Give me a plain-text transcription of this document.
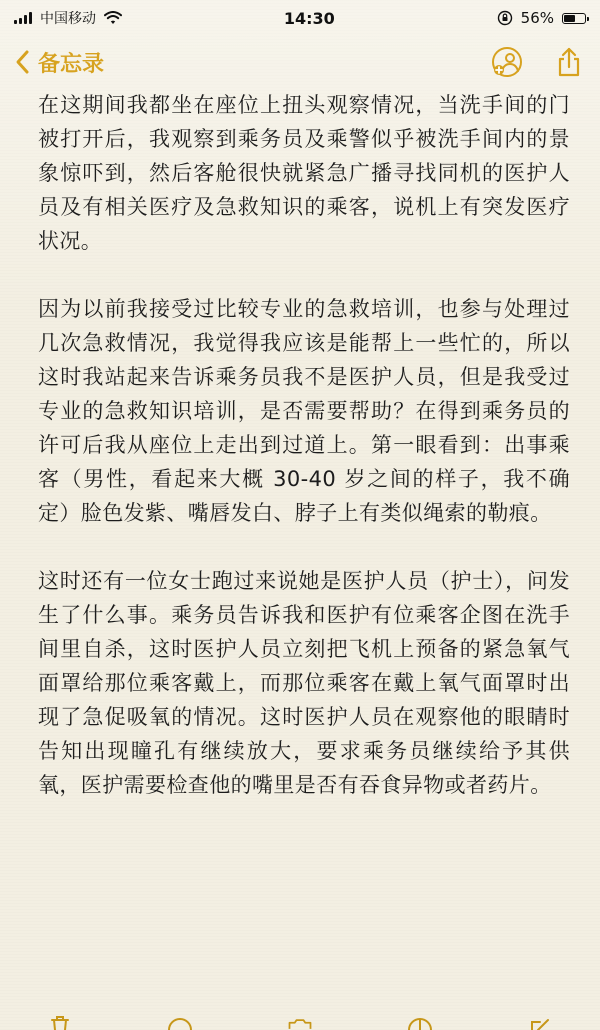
中国移动	14:30	56%
备忘录

在这期间我都坐在座位上扭头观察情况，当洗手间的门被打开后，我观察到乘务员及乘警似乎被洗手间内的景象惊吓到，然后客舱很快就紧急广播寻找同机的医护人员及有相关医疗及急救知识的乘客，说机上有突发医疗状况。

因为以前我接受过比较专业的急救培训，也参与处理过几次急救情况，我觉得我应该是能帮上一些忙的，所以这时我站起来告诉乘务员我不是医护人员，但是我受过专业的急救知识培训，是否需要帮助？在得到乘务员的许可后我从座位上走出到过道上。第一眼看到：出事乘客（男性，看起来大概 30-40 岁之间的样子，我不确定）脸色发紫、嘴唇发白、脖子上有类似绳索的勒痕。

这时还有一位女士跑过来说她是医护人员（护士），问发生了什么事。乘务员告诉我和医护有位乘客企图在洗手间里自杀，这时医护人员立刻把飞机上预备的紧急氧气面罩给那位乘客戴上，而那位乘客在戴上氧气面罩时出现了急促吸氧的情况。这时医护人员在观察他的眼睛时告知出现瞳孔有继续放大，要求乘务员继续给予其供氧，医护需要检查他的嘴里是否有吞食异物或者药片。
